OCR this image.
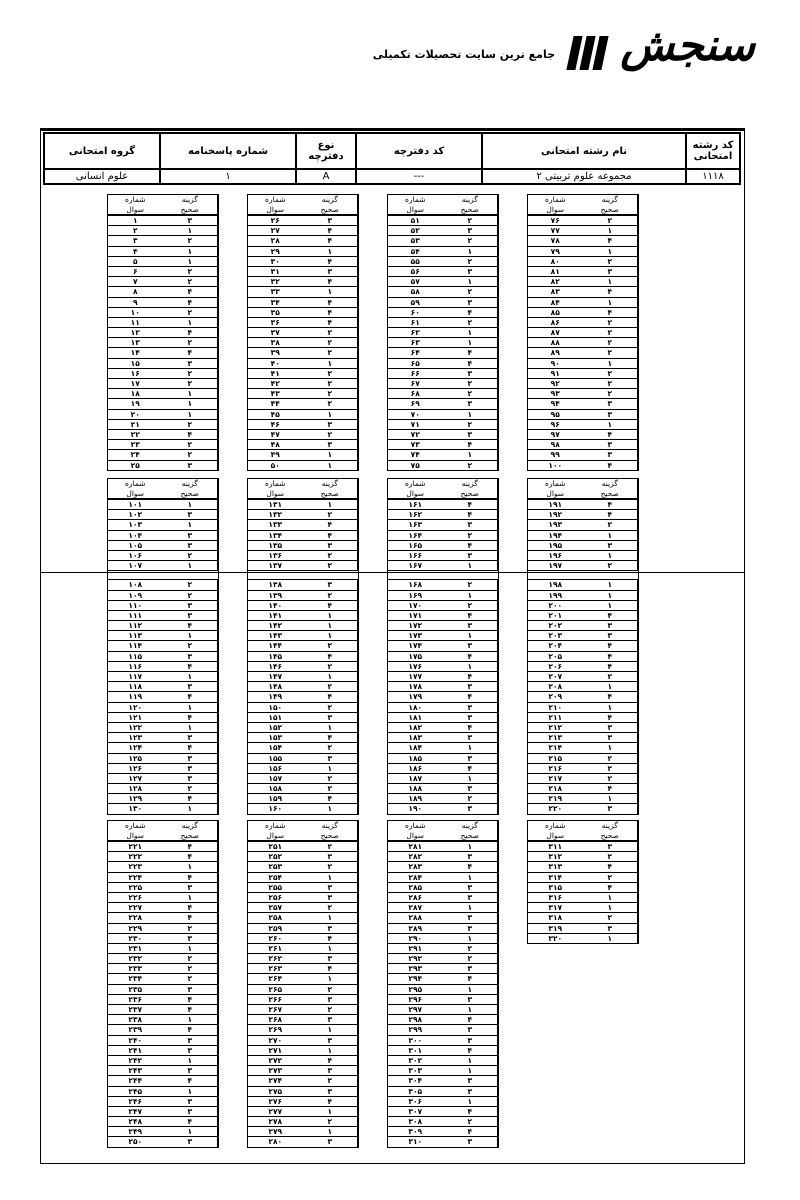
سنجش
جامع ترین سایت تحصیلات تکمیلی
کد رشته امتحانی	نام رشته امتحانی	کد دفترچه	نوع دفترچه	شماره پاسخنامه	گروه امتحانی
۱۱۱۸	مجموعه علوم تربیتی ۲	---	A	۱	علوم انسانی
شماره
سوال
گزینه
صحیح
۱	۳
۲	۱
۳	۲
۴	۱
۵	۱
۶	۲
۷	۲
۸	۴
۹	۴
۱۰	۲
۱۱	۱
۱۲	۴
۱۳	۲
۱۴	۴
۱۵	۳
۱۶	۲
۱۷	۲
۱۸	۱
۱۹	۱
۲۰	۱
۲۱	۲
۲۲	۴
۲۳	۲
۲۴	۲
۲۵	۳
شماره
سوال
گزینه
صحیح
۲۶	۳
۲۷	۴
۲۸	۴
۲۹	۱
۳۰	۴
۳۱	۳
۳۲	۴
۳۳	۱
۳۴	۴
۳۵	۴
۳۶	۴
۳۷	۲
۳۸	۲
۳۹	۲
۴۰	۱
۴۱	۲
۴۲	۲
۴۳	۲
۴۴	۲
۴۵	۱
۴۶	۳
۴۷	۲
۴۸	۳
۴۹	۱
۵۰	۱
شماره
سوال
گزینه
صحیح
۵۱	۲
۵۲	۳
۵۳	۲
۵۴	۱
۵۵	۲
۵۶	۳
۵۷	۱
۵۸	۲
۵۹	۳
۶۰	۴
۶۱	۲
۶۲	۱
۶۳	۱
۶۴	۴
۶۵	۴
۶۶	۳
۶۷	۲
۶۸	۲
۶۹	۳
۷۰	۱
۷۱	۲
۷۲	۳
۷۳	۴
۷۴	۱
۷۵	۲
شماره
سوال
گزینه
صحیح
۷۶	۲
۷۷	۱
۷۸	۴
۷۹	۱
۸۰	۲
۸۱	۳
۸۲	۱
۸۳	۴
۸۴	۱
۸۵	۴
۸۶	۲
۸۷	۲
۸۸	۲
۸۹	۲
۹۰	۱
۹۱	۲
۹۲	۲
۹۳	۲
۹۴	۳
۹۵	۳
۹۶	۱
۹۷	۴
۹۸	۳
۹۹	۳
۱۰۰	۴
شماره
سوال
گزینه
صحیح
۱۰۱	۱
۱۰۲	۳
۱۰۳	۱
۱۰۴	۳
۱۰۵	۳
۱۰۶	۲
۱۰۷	۱
۱۰۸	۲
۱۰۹	۲
۱۱۰	۳
۱۱۱	۳
۱۱۲	۴
۱۱۳	۱
۱۱۴	۲
۱۱۵	۳
۱۱۶	۴
۱۱۷	۱
۱۱۸	۳
۱۱۹	۴
۱۲۰	۱
۱۲۱	۴
۱۲۲	۱
۱۲۳	۳
۱۲۴	۴
۱۲۵	۳
۱۲۶	۳
۱۲۷	۳
۱۲۸	۲
۱۲۹	۴
۱۳۰	۱
شماره
سوال
گزینه
صحیح
۱۳۱	۱
۱۳۲	۲
۱۳۳	۴
۱۳۴	۴
۱۳۵	۳
۱۳۶	۲
۱۳۷	۲
۱۳۸	۳
۱۳۹	۲
۱۴۰	۴
۱۴۱	۱
۱۴۲	۱
۱۴۳	۱
۱۴۴	۲
۱۴۵	۴
۱۴۶	۲
۱۴۷	۱
۱۴۸	۲
۱۴۹	۴
۱۵۰	۲
۱۵۱	۳
۱۵۲	۱
۱۵۳	۴
۱۵۴	۲
۱۵۵	۳
۱۵۶	۱
۱۵۷	۲
۱۵۸	۲
۱۵۹	۴
۱۶۰	۱
شماره
سوال
گزینه
صحیح
۱۶۱	۴
۱۶۲	۴
۱۶۳	۳
۱۶۴	۲
۱۶۵	۴
۱۶۶	۳
۱۶۷	۱
۱۶۸	۲
۱۶۹	۱
۱۷۰	۲
۱۷۱	۴
۱۷۲	۳
۱۷۳	۱
۱۷۴	۳
۱۷۵	۴
۱۷۶	۱
۱۷۷	۴
۱۷۸	۳
۱۷۹	۴
۱۸۰	۳
۱۸۱	۳
۱۸۲	۴
۱۸۳	۳
۱۸۴	۱
۱۸۵	۳
۱۸۶	۴
۱۸۷	۱
۱۸۸	۳
۱۸۹	۲
۱۹۰	۳
شماره
سوال
گزینه
صحیح
۱۹۱	۴
۱۹۲	۴
۱۹۳	۲
۱۹۴	۱
۱۹۵	۳
۱۹۶	۱
۱۹۷	۲
۱۹۸	۱
۱۹۹	۱
۲۰۰	۱
۲۰۱	۴
۲۰۲	۳
۲۰۳	۳
۲۰۴	۴
۲۰۵	۴
۲۰۶	۴
۲۰۷	۲
۲۰۸	۱
۲۰۹	۴
۲۱۰	۱
۲۱۱	۴
۲۱۲	۳
۲۱۳	۳
۲۱۴	۱
۲۱۵	۲
۲۱۶	۲
۲۱۷	۲
۲۱۸	۴
۲۱۹	۱
۲۲۰	۳
شماره
سوال
گزینه
صحیح
۲۲۱	۴
۲۲۲	۴
۲۲۳	۱
۲۲۴	۴
۲۲۵	۳
۲۲۶	۱
۲۲۷	۴
۲۲۸	۴
۲۲۹	۲
۲۳۰	۳
۲۳۱	۱
۲۳۲	۲
۲۳۳	۲
۲۳۴	۲
۲۳۵	۳
۲۳۶	۴
۲۳۷	۴
۲۳۸	۱
۲۳۹	۴
۲۴۰	۳
۲۴۱	۳
۲۴۲	۱
۲۴۳	۳
۲۴۴	۴
۲۴۵	۱
۲۴۶	۳
۲۴۷	۳
۲۴۸	۴
۲۴۹	۱
۲۵۰	۳
شماره
سوال
گزینه
صحیح
۲۵۱	۲
۲۵۲	۳
۲۵۳	۲
۲۵۴	۱
۲۵۵	۳
۲۵۶	۳
۲۵۷	۲
۲۵۸	۱
۲۵۹	۳
۲۶۰	۴
۲۶۱	۱
۲۶۲	۳
۲۶۳	۴
۲۶۴	۱
۲۶۵	۲
۲۶۶	۳
۲۶۷	۲
۲۶۸	۳
۲۶۹	۱
۲۷۰	۳
۲۷۱	۱
۲۷۲	۴
۲۷۳	۳
۲۷۴	۲
۲۷۵	۳
۲۷۶	۴
۲۷۷	۱
۲۷۸	۲
۲۷۹	۱
۲۸۰	۳
شماره
سوال
گزینه
صحیح
۲۸۱	۱
۲۸۲	۳
۲۸۳	۴
۲۸۴	۱
۲۸۵	۳
۲۸۶	۳
۲۸۷	۱
۲۸۸	۳
۲۸۹	۳
۲۹۰	۱
۲۹۱	۲
۲۹۲	۲
۲۹۳	۳
۲۹۴	۴
۲۹۵	۱
۲۹۶	۳
۲۹۷	۱
۲۹۸	۴
۲۹۹	۳
۳۰۰	۳
۳۰۱	۴
۳۰۲	۱
۳۰۳	۱
۳۰۴	۳
۳۰۵	۳
۳۰۶	۱
۳۰۷	۴
۳۰۸	۲
۳۰۹	۴
۳۱۰	۳
شماره
سوال
گزینه
صحیح
۳۱۱	۳
۳۱۲	۲
۳۱۳	۴
۳۱۴	۲
۳۱۵	۴
۳۱۶	۱
۳۱۷	۱
۳۱۸	۲
۳۱۹	۳
۳۲۰	۱
